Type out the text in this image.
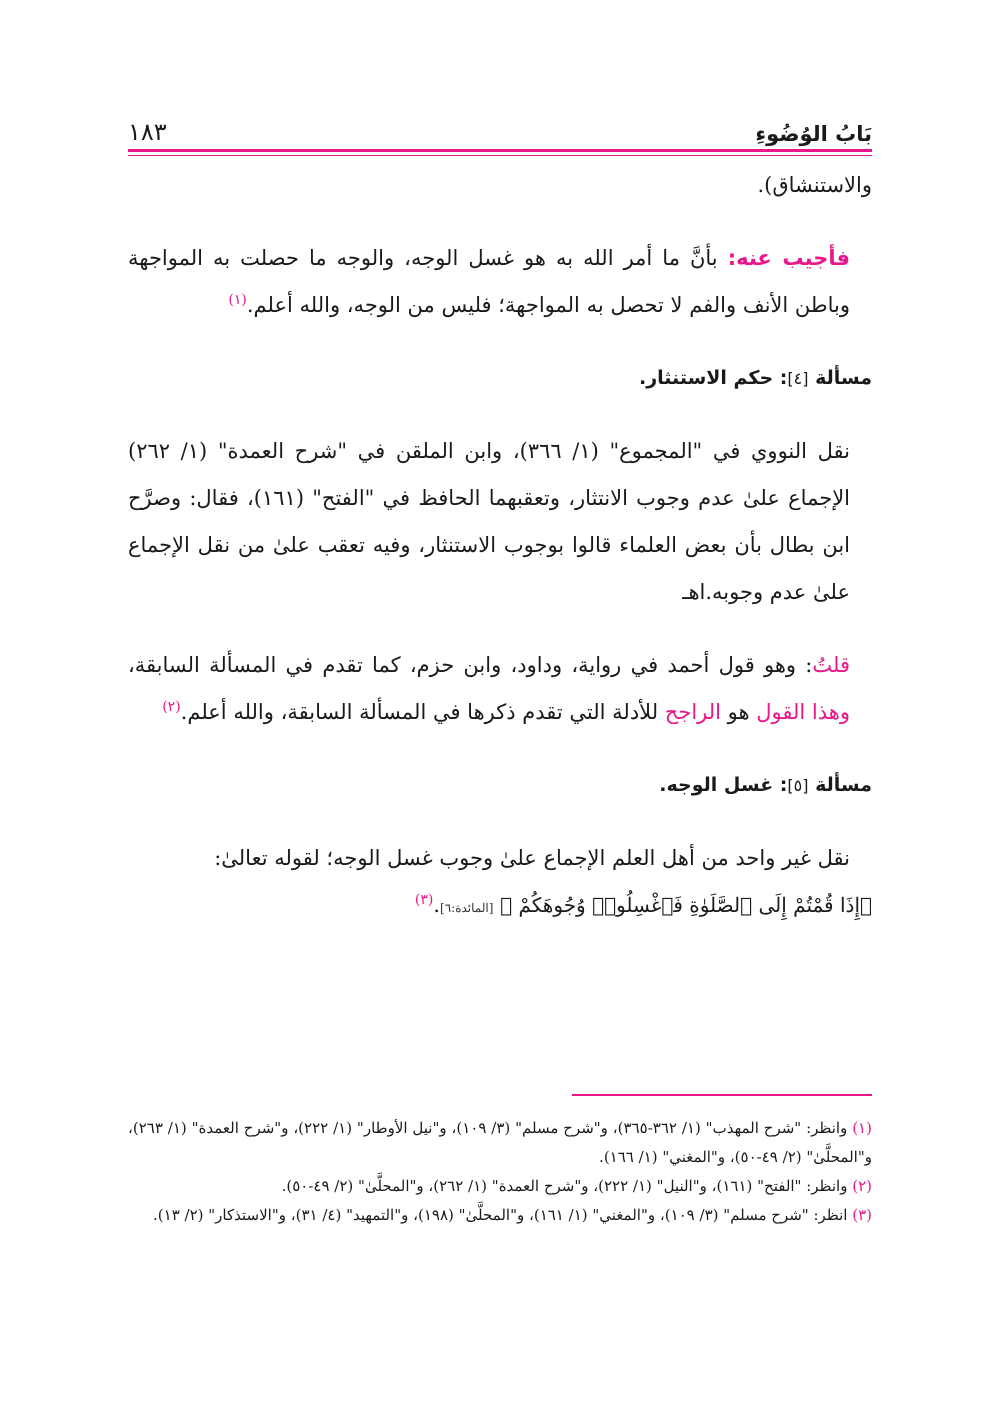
بَابُ الوُضُوءِ
١٨٣

والاستنشاق).

فأجيب عنه: بأنَّ ما أمر الله به هو غسل الوجه، والوجه ما حصلت به المواجهة وباطن الأنف والفم لا تحصل به المواجهة؛ فليس من الوجه، والله أعلم.$^{(١)}$

مسألة [٤]: حكم الاستنثار.

نقل النووي في "المجموع" (١/ ٣٦٦)، وابن الملقن في "شرح العمدة" (١/ ٢٦٢) الإجماع علىٰ عدم وجوب الانتثار، وتعقبهما الحافظ في "الفتح" (١٦١)، فقال: وصرَّح ابن بطال بأن بعض العلماء قالوا بوجوب الاستنثار، وفيه تعقب علىٰ من نقل الإجماع علىٰ عدم وجوبه.اهـ

قلتُ: وهو قول أحمد في رواية، وداود، وابن حزم، كما تقدم في المسألة السابقة، وهذا القول هو الراجح للأدلة التي تقدم ذكرها في المسألة السابقة، والله أعلم.$^{(٢)}$

مسألة [٥]: غسل الوجه.

نقل غير واحد من أهل العلم الإجماع علىٰ وجوب غسل الوجه؛ لقوله تعالىٰ:

﴿إِذَا قُمْتُمْ إِلَى ٱلصَّلَوٰةِ فَٱغْسِلُوا۟ وُجُوهَكُمْ ﴾ [المائدة:٦].$^{(٣)}$

(١) وانظر: "شرح المهذب" (١/ ٣٦٢-٣٦٥)، و"شرح مسلم" (٣/ ١٠٩)، و"نيل الأوطار" (١/ ٢٢٢)، و"شرح العمدة" (١/ ٢٦٣)، و"المحلَّىٰ" (٢/ ٤٩-٥٠)، و"المغني" (١/ ١٦٦).

(٢) وانظر: "الفتح" (١٦١)، و"النيل" (١/ ٢٢٢)، و"شرح العمدة" (١/ ٢٦٢)، و"المحلَّىٰ" (٢/ ٤٩-٥٠).

(٣) انظر: "شرح مسلم" (٣/ ١٠٩)، و"المغني" (١/ ١٦١)، و"المحلَّىٰ" (١٩٨)، و"التمهيد" (٤/ ٣١)، و"الاستذكار" (٢/ ١٣).
